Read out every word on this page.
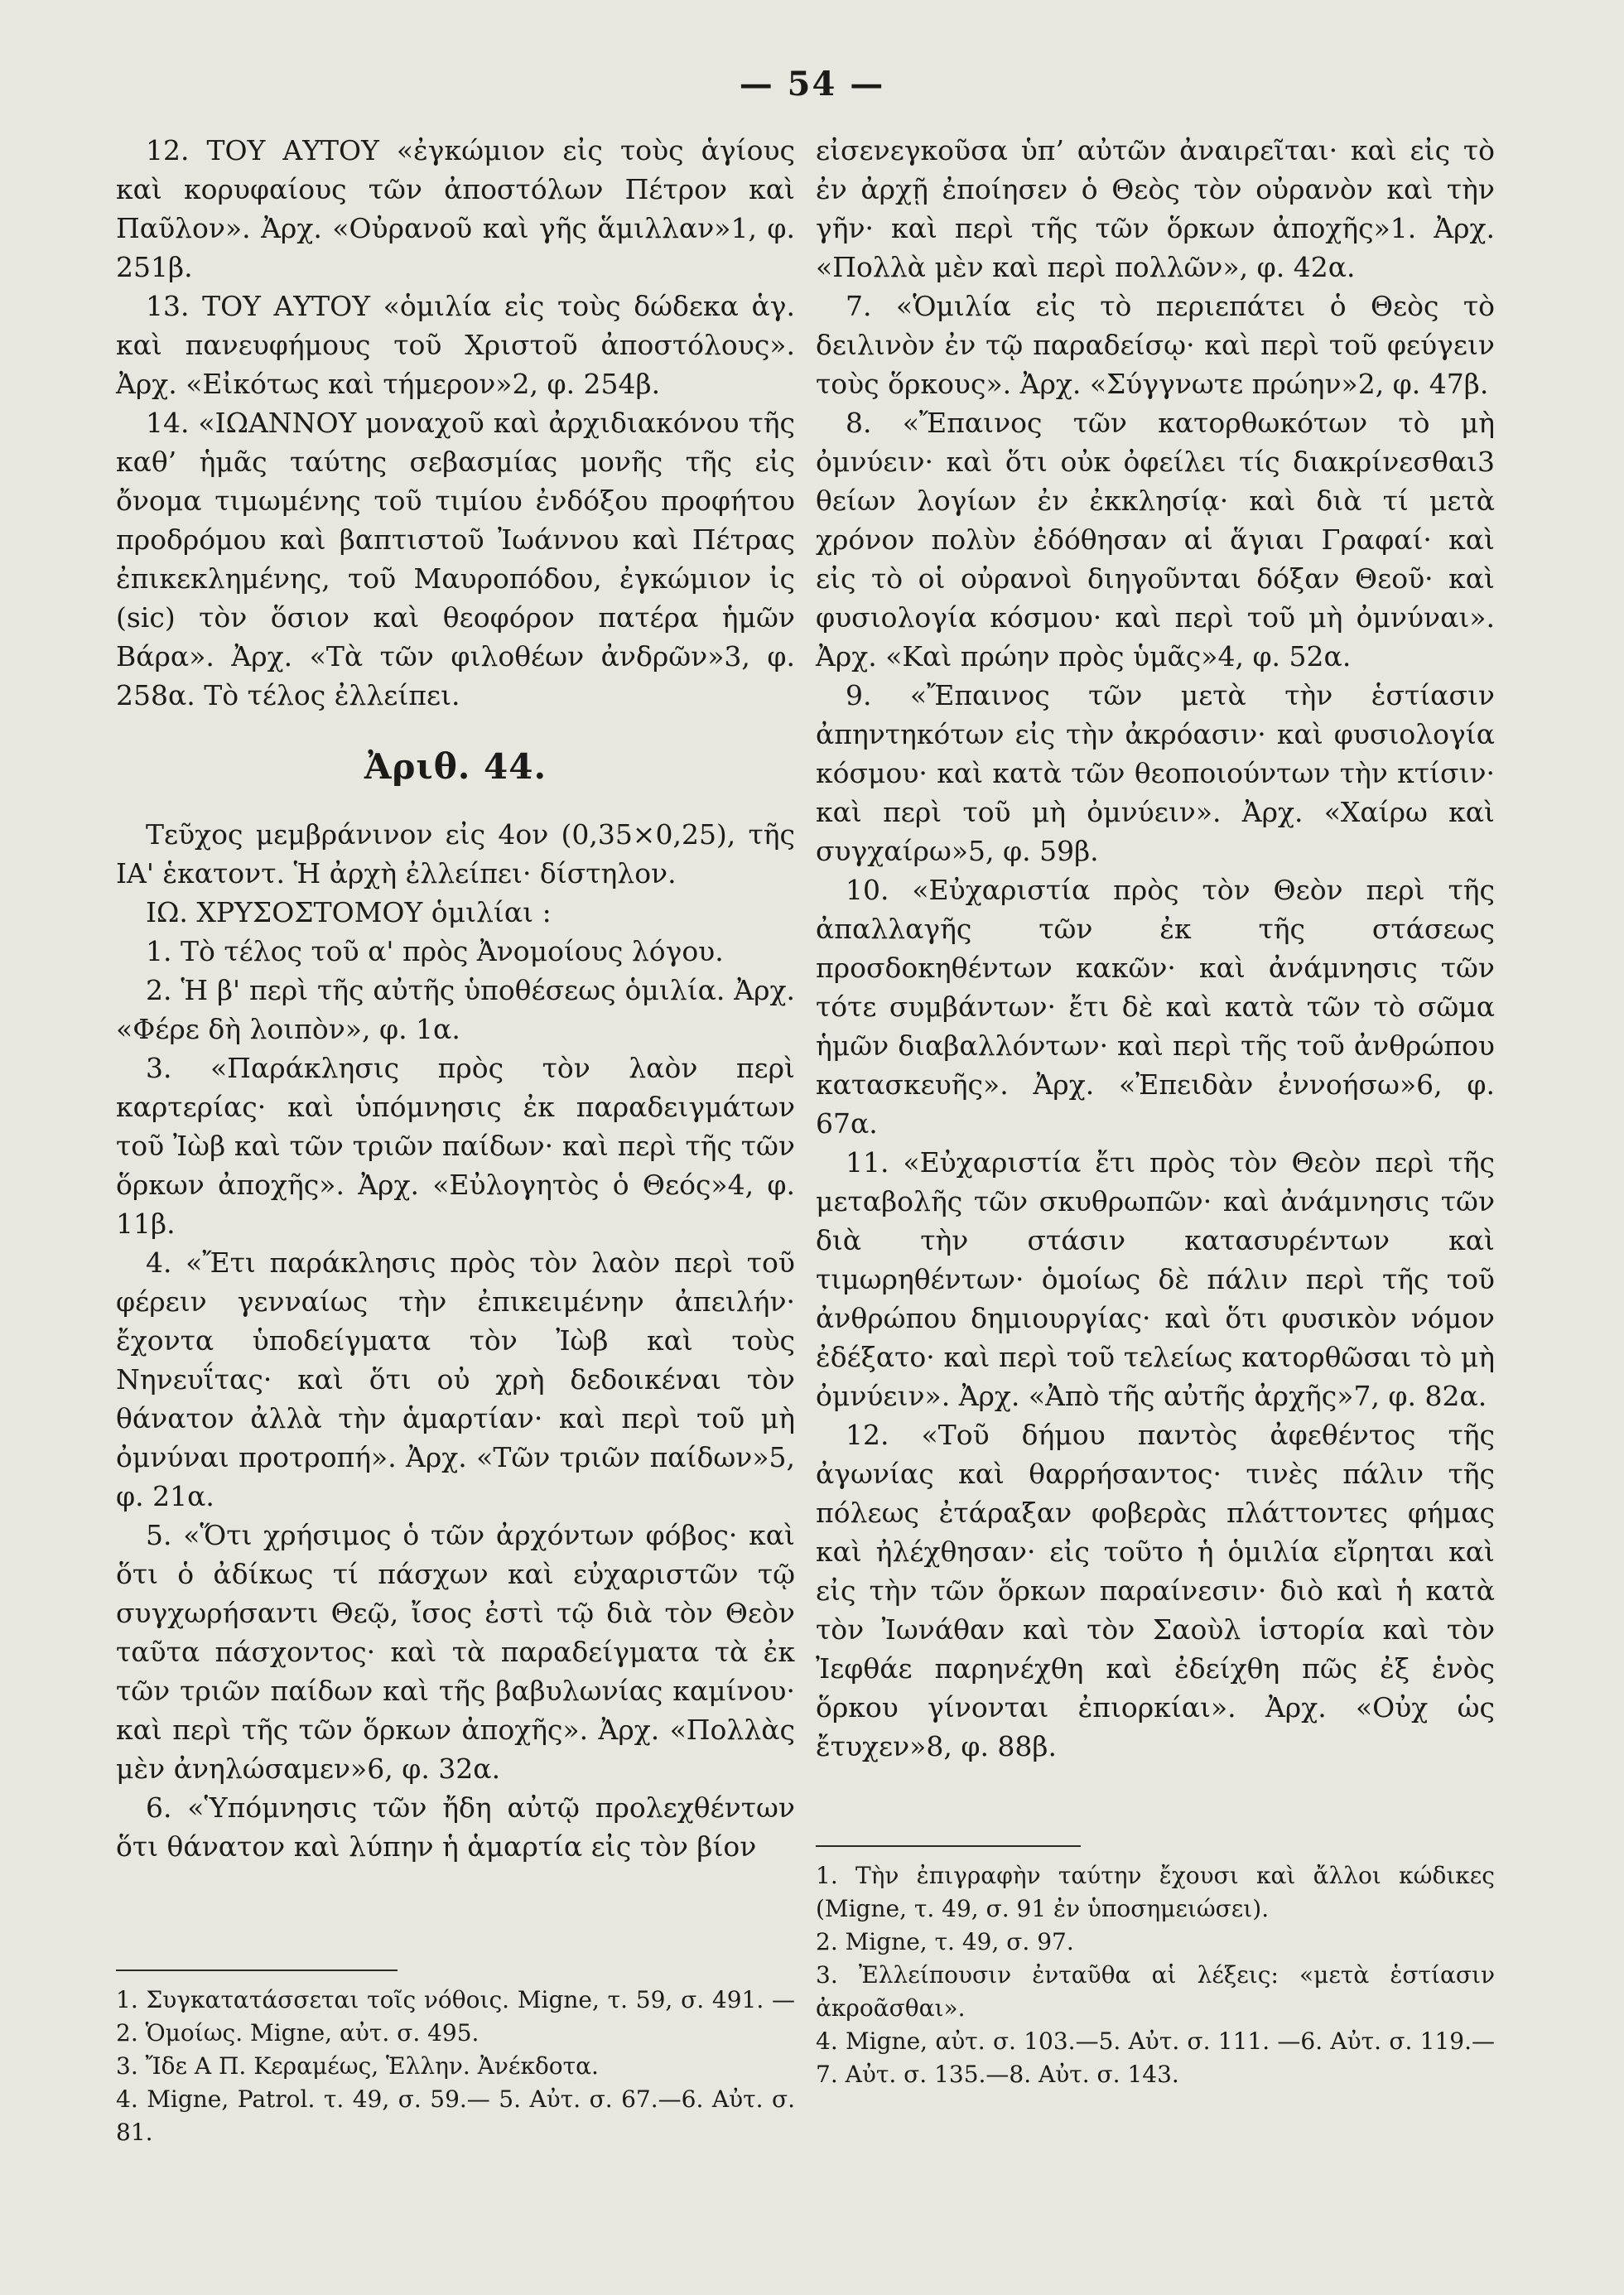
— 54 —

12. ΤΟΥ ΑΥΤΟΥ «ἐγκώμιον εἰς τοὺς ἁγίους καὶ κορυφαίους τῶν ἀποστόλων Πέτρον καὶ Παῦλον». Ἀρχ. «Οὐρανοῦ καὶ γῆς ἅμιλλαν»1, φ. 251β.

13. ΤΟΥ ΑΥΤΟΥ «ὁμιλία εἰς τοὺς δώδεκα ἁγ. καὶ πανευφήμους τοῦ Χριστοῦ ἀποστόλους». Ἀρχ. «Εἰκότως καὶ τήμερον»2, φ. 254β.

14. «ΙΩΑΝΝΟΥ μοναχοῦ καὶ ἀρχιδιακόνου τῆς καθ’ ἡμᾶς ταύτης σεβασμίας μονῆς τῆς εἰς ὄνομα τιμωμένης τοῦ τιμίου ἐνδόξου προφήτου προδρόμου καὶ βαπτιστοῦ Ἰωάννου καὶ Πέτρας ἐπικεκλημένης, τοῦ Μαυροπόδου, ἐγκώμιον ἰς (sic) τὸν ὅσιον καὶ θεοφόρον πατέρα ἡμῶν Βάρα». Ἀρχ. «Τὰ τῶν φιλοθέων ἀνδρῶν»3, φ. 258α. Τὸ τέλος ἐλλείπει.

Ἀριθ. 44.

Τεῦχος μεμβράνινον εἰς 4ον (0,35×0,25), τῆς ΙΑ' ἑκατοντ. Ἡ ἀρχὴ ἐλλείπει· δίστηλον.

ΙΩ. ΧΡΥΣΟΣΤΟΜΟΥ ὁμιλίαι :

1. Τὸ τέλος τοῦ α' πρὸς Ἀνομοίους λόγου.

2. Ἡ β' περὶ τῆς αὐτῆς ὑποθέσεως ὁμιλία. Ἀρχ. «Φέρε δὴ λοιπὸν», φ. 1α.

3. «Παράκλησις πρὸς τὸν λαὸν περὶ καρτερίας· καὶ ὑπόμνησις ἐκ παραδειγμάτων τοῦ Ἰὼβ καὶ τῶν τριῶν παίδων· καὶ περὶ τῆς τῶν ὅρκων ἀποχῆς». Ἀρχ. «Εὐλογητὸς ὁ Θεός»4, φ. 11β.

4. «Ἔτι παράκλησις πρὸς τὸν λαὸν περὶ τοῦ φέρειν γενναίως τὴν ἐπικειμένην ἀπειλήν· ἔχοντα ὑποδείγματα τὸν Ἰὼβ καὶ τοὺς Νηνευΐτας· καὶ ὅτι οὐ χρὴ δεδοικέναι τὸν θάνατον ἀλλὰ τὴν ἁμαρτίαν· καὶ περὶ τοῦ μὴ ὀμνύναι προτροπή». Ἀρχ. «Τῶν τριῶν παίδων»5, φ. 21α.

5. «Ὅτι χρήσιμος ὁ τῶν ἀρχόντων φόβος· καὶ ὅτι ὁ ἀδίκως τί πάσχων καὶ εὐχαριστῶν τῷ συγχωρήσαντι Θεῷ, ἴσος ἐστὶ τῷ διὰ τὸν Θεὸν ταῦτα πάσχοντος· καὶ τὰ παραδείγματα τὰ ἐκ τῶν τριῶν παίδων καὶ τῆς βαβυλωνίας καμίνου· καὶ περὶ τῆς τῶν ὅρκων ἀποχῆς». Ἀρχ. «Πολλὰς μὲν ἀνηλώσαμεν»6, φ. 32α.

6. «Ὑπόμνησις τῶν ἤδη αὐτῷ προλεχθέντων ὅτι θάνατον καὶ λύπην ἡ ἁμαρτία εἰς τὸν βίον

1. Συγκατατάσσεται τοῖς νόθοις. Migne, τ. 59, σ. 491. — 2. Ὁμοίως. Migne, αὐτ. σ. 495.

3. Ἴδε Α Π. Κεραμέως, Ἑλλην. Ἀνέκδοτα.

4. Migne, Patrol. τ. 49, σ. 59.— 5. Αὐτ. σ. 67.—6. Αὐτ. σ. 81.

εἰσενεγκοῦσα ὑπ’ αὐτῶν ἀναιρεῖται· καὶ εἰς τὸ ἐν ἀρχῇ ἐποίησεν ὁ Θεὸς τὸν οὐρανὸν καὶ τὴν γῆν· καὶ περὶ τῆς τῶν ὅρκων ἀποχῆς»1. Ἀρχ. «Πολλὰ μὲν καὶ περὶ πολλῶν», φ. 42α.

7. «Ὁμιλία εἰς τὸ περιεπάτει ὁ Θεὸς τὸ δειλινὸν ἐν τῷ παραδείσῳ· καὶ περὶ τοῦ φεύγειν τοὺς ὅρκους». Ἀρχ. «Σύγγνωτε πρώην»2, φ. 47β.

8. «Ἔπαινος τῶν κατορθωκότων τὸ μὴ ὀμνύειν· καὶ ὅτι οὐκ ὀφείλει τίς διακρίνεσθαι3 θείων λογίων ἐν ἐκκλησίᾳ· καὶ διὰ τί μετὰ χρόνον πολὺν ἐδόθησαν αἱ ἅγιαι Γραφαί· καὶ εἰς τὸ οἱ οὐρανοὶ διηγοῦνται δόξαν Θεοῦ· καὶ φυσιολογία κόσμου· καὶ περὶ τοῦ μὴ ὀμνύναι». Ἀρχ. «Καὶ πρώην πρὸς ὑμᾶς»4, φ. 52α.

9. «Ἔπαινος τῶν μετὰ τὴν ἑστίασιν ἀπηντηκότων εἰς τὴν ἀκρόασιν· καὶ φυσιολογία κόσμου· καὶ κατὰ τῶν θεοποιούντων τὴν κτίσιν· καὶ περὶ τοῦ μὴ ὀμνύειν». Ἀρχ. «Χαίρω καὶ συγχαίρω»5, φ. 59β.

10. «Εὐχαριστία πρὸς τὸν Θεὸν περὶ τῆς ἀπαλλαγῆς τῶν ἐκ τῆς στάσεως προσδοκηθέντων κακῶν· καὶ ἀνάμνησις τῶν τότε συμβάντων· ἔτι δὲ καὶ κατὰ τῶν τὸ σῶμα ἡμῶν διαβαλλόντων· καὶ περὶ τῆς τοῦ ἀνθρώπου κατασκευῆς». Ἀρχ. «Ἐπειδὰν ἐννοήσω»6, φ. 67α.

11. «Εὐχαριστία ἔτι πρὸς τὸν Θεὸν περὶ τῆς μεταβολῆς τῶν σκυθρωπῶν· καὶ ἀνάμνησις τῶν διὰ τὴν στάσιν κατασυρέντων καὶ τιμωρηθέντων· ὁμοίως δὲ πάλιν περὶ τῆς τοῦ ἀνθρώπου δημιουργίας· καὶ ὅτι φυσικὸν νόμον ἐδέξατο· καὶ περὶ τοῦ τελείως κατορθῶσαι τὸ μὴ ὀμνύειν». Ἀρχ. «Ἀπὸ τῆς αὐτῆς ἀρχῆς»7, φ. 82α.

12. «Τοῦ δήμου παντὸς ἀφεθέντος τῆς ἀγωνίας καὶ θαρρήσαντος· τινὲς πάλιν τῆς πόλεως ἐτάραξαν φοβερὰς πλάττοντες φήμας καὶ ἠλέχθησαν· εἰς τοῦτο ἡ ὁμιλία εἴρηται καὶ εἰς τὴν τῶν ὅρκων παραίνεσιν· διὸ καὶ ἡ κατὰ τὸν Ἰωνάθαν καὶ τὸν Σαοὺλ ἱστορία καὶ τὸν Ἰεφθάε παρηνέχθη καὶ ἐδείχθη πῶς ἐξ ἑνὸς ὅρκου γίνονται ἐπιορκίαι». Ἀρχ. «Οὐχ ὡς ἔτυχεν»8, φ. 88β.

1. Τὴν ἐπιγραφὴν ταύτην ἔχουσι καὶ ἄλλοι κώδικες (Migne, τ. 49, σ. 91 ἐν ὑποσημειώσει).

2. Migne, τ. 49, σ. 97.

3. Ἐλλείπουσιν ἐνταῦθα αἱ λέξεις: «μετὰ ἑστίασιν ἀκροᾶσθαι».

4. Migne, αὐτ. σ. 103.—5. Αὐτ. σ. 111. —6. Αὐτ. σ. 119.—7. Αὐτ. σ. 135.—8. Αὐτ. σ. 143.
